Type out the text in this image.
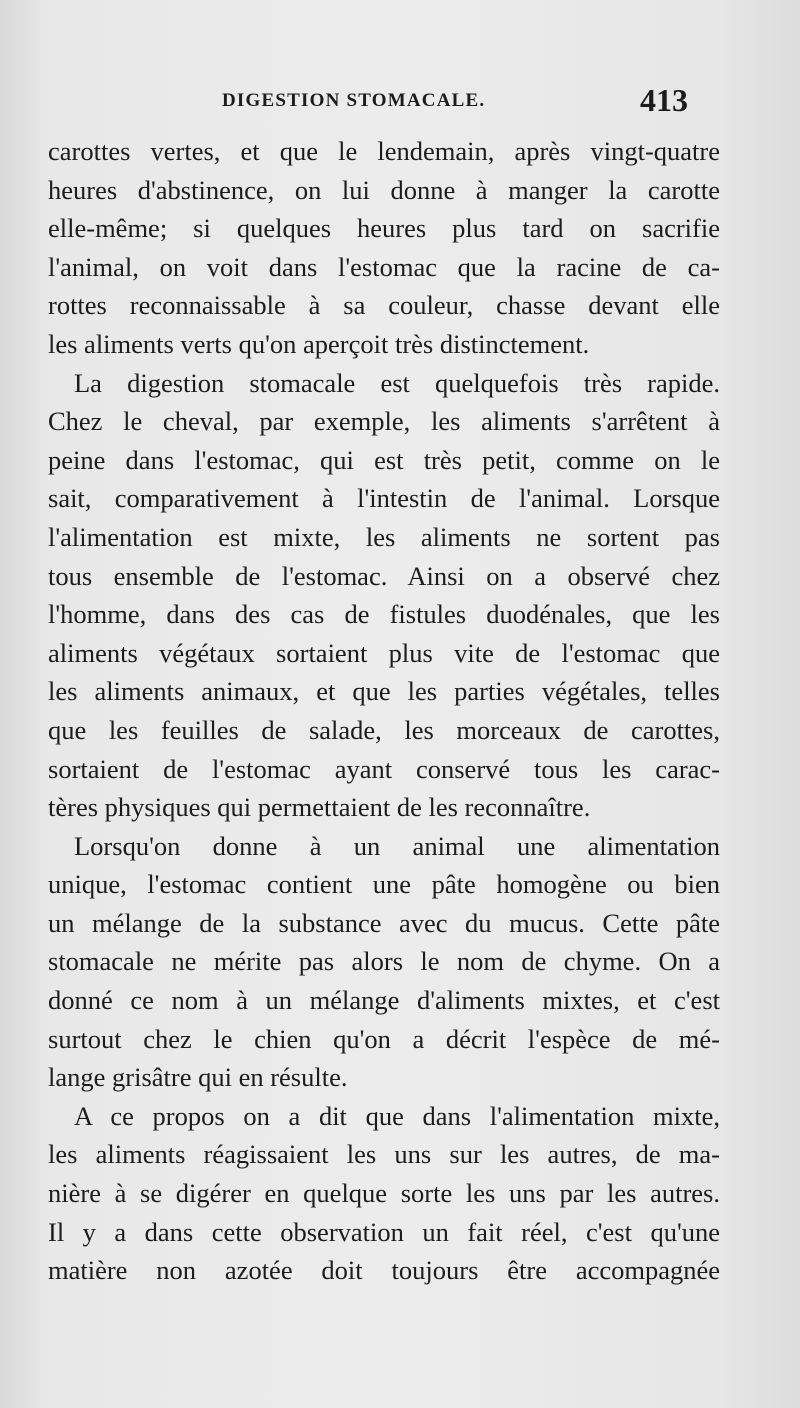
DIGESTION STOMACALE.	413
carottes vertes, et que le lendemain, après vingt-quatre
heures d'abstinence, on lui donne à manger la carotte
elle-même; si quelques heures plus tard on sacrifie
l'animal, on voit dans l'estomac que la racine de ca-
rottes reconnaissable à sa couleur, chasse devant elle
les aliments verts qu'on aperçoit très distinctement.
La digestion stomacale est quelquefois très rapide.
Chez le cheval, par exemple, les aliments s'arrêtent à
peine dans l'estomac, qui est très petit, comme on le
sait, comparativement à l'intestin de l'animal. Lorsque
l'alimentation est mixte, les aliments ne sortent pas
tous ensemble de l'estomac. Ainsi on a observé chez
l'homme, dans des cas de fistules duodénales, que les
aliments végétaux sortaient plus vite de l'estomac que
les aliments animaux, et que les parties végétales, telles
que les feuilles de salade, les morceaux de carottes,
sortaient de l'estomac ayant conservé tous les carac-
tères physiques qui permettaient de les reconnaître.
Lorsqu'on donne à un animal une alimentation
unique, l'estomac contient une pâte homogène ou bien
un mélange de la substance avec du mucus. Cette pâte
stomacale ne mérite pas alors le nom de chyme. On a
donné ce nom à un mélange d'aliments mixtes, et c'est
surtout chez le chien qu'on a décrit l'espèce de mé-
lange grisâtre qui en résulte.
A ce propos on a dit que dans l'alimentation mixte,
les aliments réagissaient les uns sur les autres, de ma-
nière à se digérer en quelque sorte les uns par les autres.
Il y a dans cette observation un fait réel, c'est qu'une
matière non azotée doit toujours être accompagnée
